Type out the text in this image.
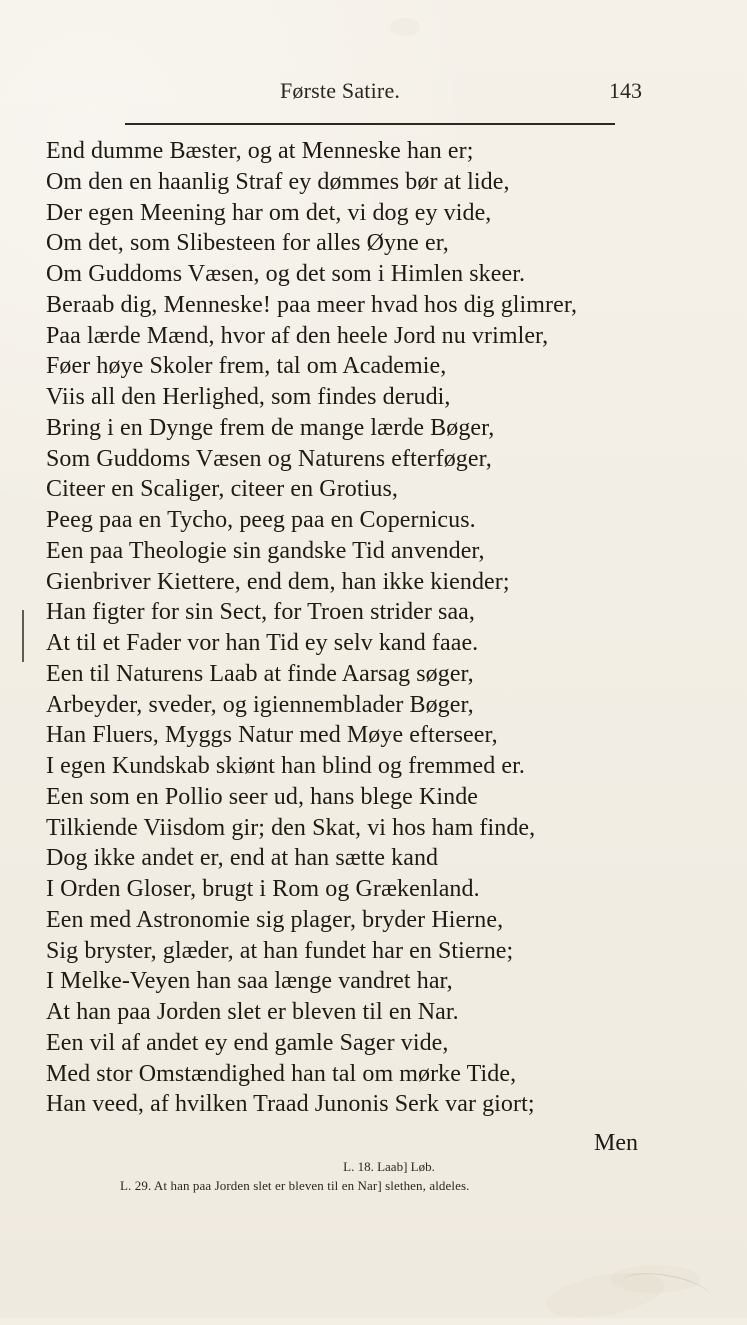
Første Satire.	143
End dumme Bæster, og at Menneske han er;
Om den en haanlig Straf ey dømmes bør at lide,
Der egen Meening har om det, vi dog ey vide,
Om det, som Slibesteen for alles Øyne er,
Om Guddoms Væsen, og det som i Himlen skeer.
Beraab dig, Menneske! paa meer hvad hos dig glimrer,
Paa lærde Mænd, hvor af den heele Jord nu vrimler,
Føer høye Skoler frem, tal om Academie,
Viis all den Herlighed, som findes derudi,
Bring i en Dynge frem de mange lærde Bøger,
Som Guddoms Væsen og Naturens efterføger,
Citeer en Scaliger, citeer en Grotius,
Peeg paa en Tycho, peeg paa en Copernicus.
Een paa Theologie sin gandske Tid anvender,
Gienbriver Kiettere, end dem, han ikke kiender;
Han figter for sin Sect, for Troen strider saa,
At til et Fader vor han Tid ey selv kand faae.
Een til Naturens Laab at finde Aarsag søger,
Arbeyder, sveder, og igiennemblader Bøger,
Han Fluers, Myggs Natur med Møye efterseer,
I egen Kundskab skiønt han blind og fremmed er.
Een som en Pollio seer ud, hans blege Kinde
Tilkiende Viisdom gir; den Skat, vi hos ham finde,
Dog ikke andet er, end at han sætte kand
I Orden Gloser, brugt i Rom og Grækenland.
Een med Astronomie sig plager, bryder Hierne,
Sig bryster, glæder, at han fundet har en Stierne;
I Melke-Veyen han saa længe vandret har,
At han paa Jorden slet er bleven til en Nar.
Een vil af andet ey end gamle Sager vide,
Med stor Omstændighed han tal om mørke Tide,
Han veed, af hvilken Traad Junonis Serk var giort;
Men
L. 18. Laab] Løb.
L. 29. At han paa Jorden slet er bleven til en Nar] slethen, aldeles.
